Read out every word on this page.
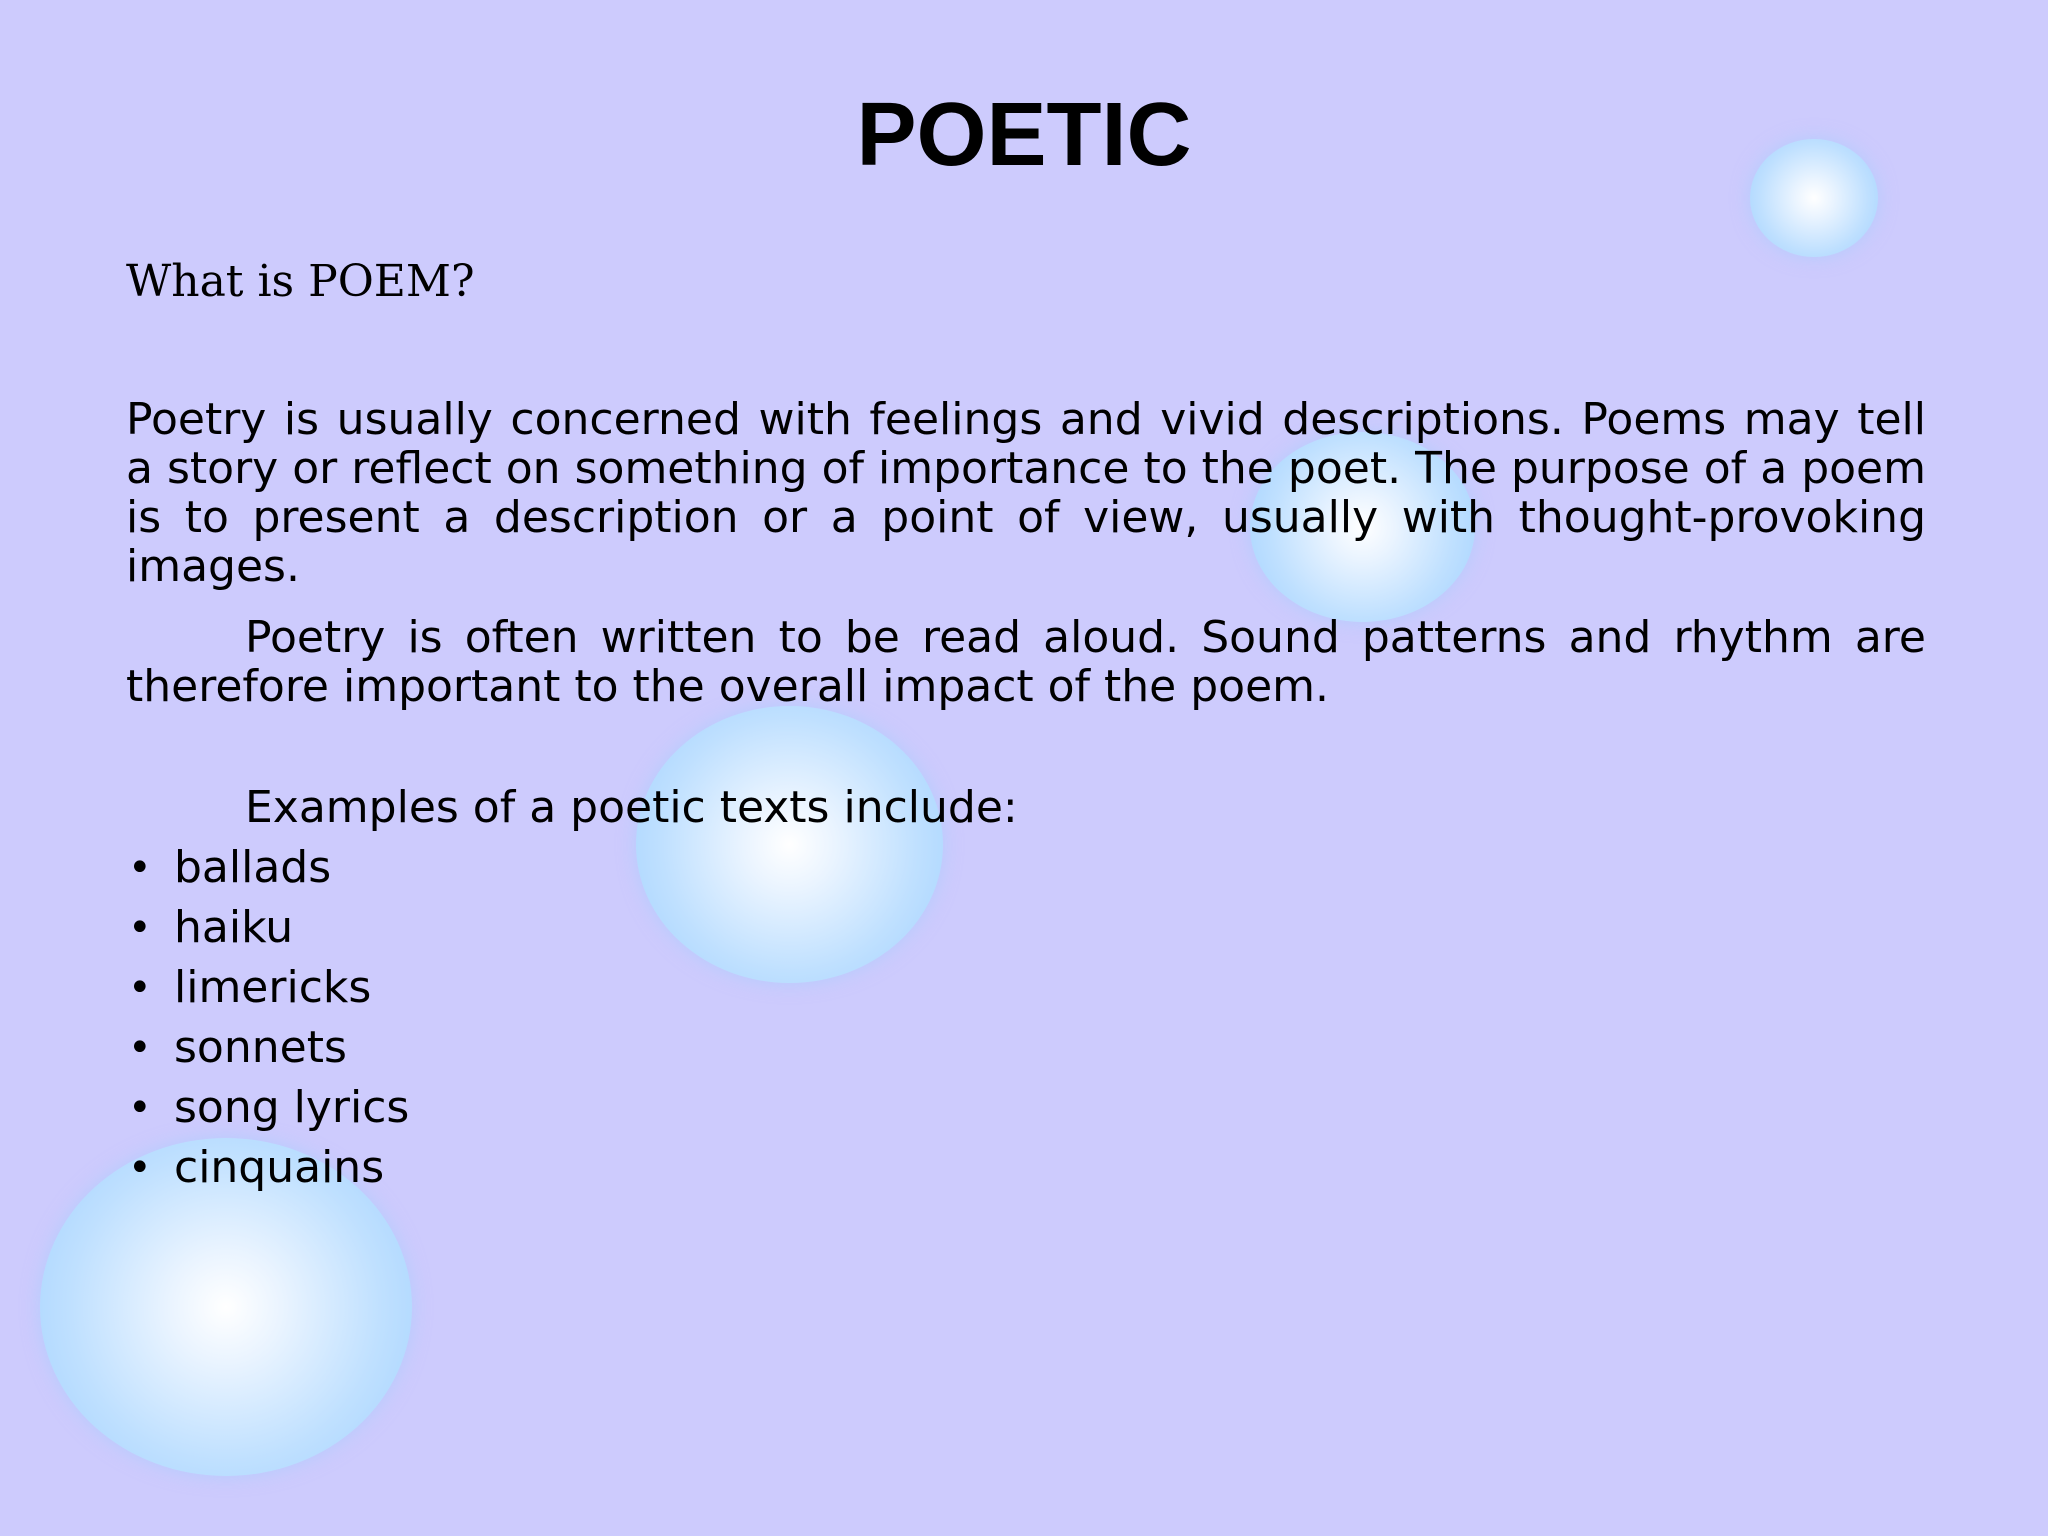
POETIC

What is POEM?

Poetry is usually concerned with feelings and vivid descriptions. Poems may tell a story or reflect on something of importance to the poet. The purpose of a poem is to present a description or a point of view, usually with thought-provoking images.

Poetry is often written to be read aloud. Sound patterns and rhythm are therefore important to the overall impact of the poem.

Examples of a poetic texts include:

• ballads
• haiku
• limericks
• sonnets
• song lyrics
• cinquains
